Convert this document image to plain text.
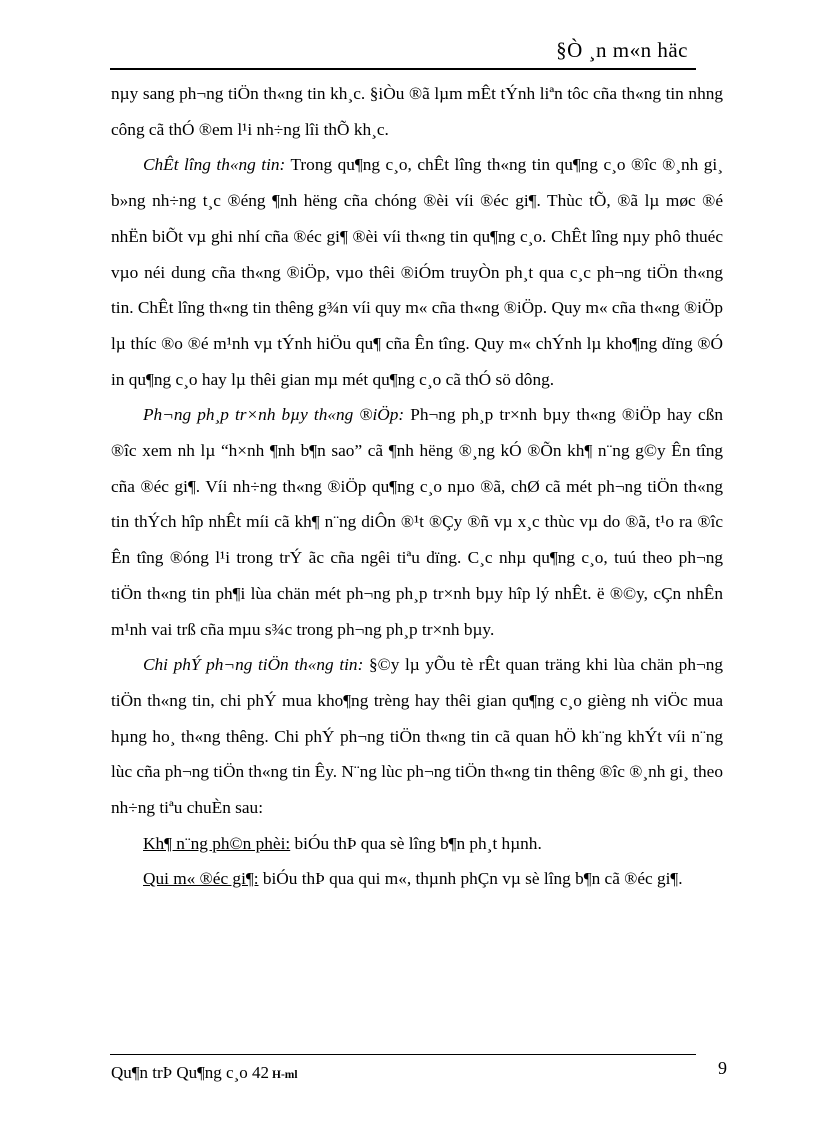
§Ò ¸n m«n häc

nµy sang ph¬ng tiÖn th«ng tin kh¸c. §iÒu ®ã lµm mÊt tÝnh liªn tôc cña th«ng tin nhng công cã thÓ ®em l¹i nh÷ng lîi thÕ kh¸c.

ChÊt lîng th«ng tin: Trong qu¶ng c¸o, chÊt lîng th«ng tin qu¶ng c¸o ®îc ®¸nh gi¸ b»ng nh÷ng t¸c ®éng ¶nh hëng cña chóng ®èi víi ®éc gi¶. Thùc tÕ, ®ã lµ møc ®é nhËn biÕt vµ ghi nhí cña ®éc gi¶ ®èi víi th«ng tin qu¶ng c¸o. ChÊt lîng nµy phô thuéc vµo néi dung cña th«ng ®iÖp, vµo thêi ®iÓm truyÒn ph¸t qua c¸c ph¬ng tiÖn th«ng tin. ChÊt lîng th«ng tin thêng g¾n víi quy m« cña th«ng ®iÖp. Quy m« cña th«ng ®iÖp lµ thíc ®o ®é m¹nh vµ tÝnh hiÖu qu¶ cña Ên tîng. Quy m« chÝnh lµ kho¶ng dïng ®Ó in qu¶ng c¸o hay lµ thêi gian mµ mét qu¶ng c¸o cã thÓ sö dông.

Ph¬ng ph¸p tr×nh bµy th«ng ®iÖp: Ph¬ng ph¸p tr×nh bµy th«ng ®iÖp hay cßn ®îc xem nh lµ “h×nh ¶nh b¶n sao” cã ¶nh hëng ®¸ng kÓ ®Õn kh¶ n¨ng g©y Ên tîng cña ®éc gi¶. Víi nh÷ng th«ng ®iÖp qu¶ng c¸o nµo ®ã, chØ cã mét ph¬ng tiÖn th«ng tin thÝch hîp nhÊt míi cã kh¶ n¨ng diÔn ®¹t ®Çy ®ñ vµ x¸c thùc vµ do ®ã, t¹o ra ®îc Ên tîng ®óng l¹i trong trÝ ãc cña ngêi tiªu dïng. C¸c nhµ qu¶ng c¸o, tuú theo ph¬ng tiÖn th«ng tin ph¶i lùa chän mét ph¬ng ph¸p tr×nh bµy hîp lý nhÊt. ë ®©y, cÇn nhÊn m¹nh vai trß cña mµu s¾c trong ph¬ng ph¸p tr×nh bµy.

Chi phÝ ph¬ng tiÖn th«ng tin: §©y lµ yÕu tè rÊt quan träng khi lùa chän ph¬ng tiÖn th«ng tin, chi phÝ mua kho¶ng trèng hay thêi gian qu¶ng c¸o gièng nh viÖc mua hµng ho¸ th«ng thêng. Chi phÝ ph¬ng tiÖn th«ng tin cã quan hÖ kh¨ng khÝt víi n¨ng lùc cña ph¬ng tiÖn th«ng tin Êy. N¨ng lùc ph¬ng tiÖn th«ng tin thêng ®îc ®¸nh gi¸ theo nh÷ng tiªu chuÈn sau:

Kh¶ n¨ng ph©n phèi: biÓu thÞ qua sè lîng b¶n ph¸t hµnh.

Qui m« ®éc gi¶: biÓu thÞ qua qui m«, thµnh phÇn vµ sè lîng b¶n cã ®éc gi¶.

Qu¶n trÞ Qu¶ng c¸o 42 H-ml	9
